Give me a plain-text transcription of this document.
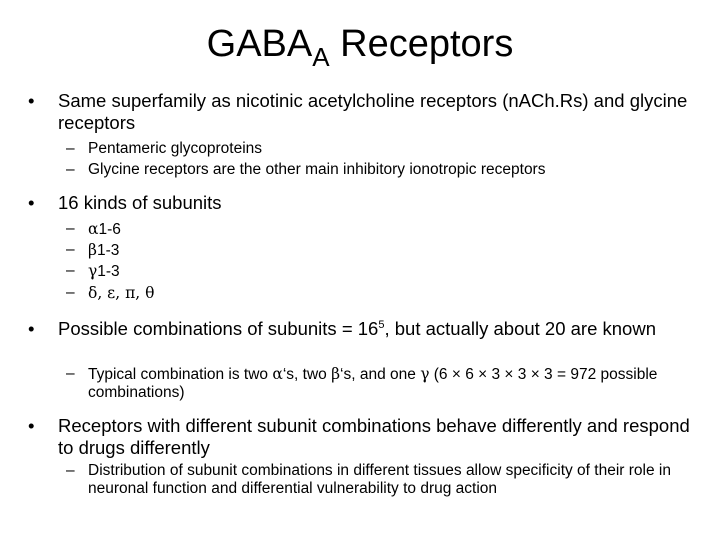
$GABA_A$ Receptors
• Same superfamily as nicotinic acetylcholine receptors (nACh.Rs) and glycine receptors
– Pentameric glycoproteins
– Glycine receptors are the other main inhibitory ionotropic receptors
• 16 kinds of subunits
– α1-6
– β1-3
– γ1-3
– δ, ε, π, θ
• Possible combinations of subunits = $16^5$, but actually about 20 are known
– Typical combination is two α‘s, two β‘s, and one γ (6 × 6 × 3 × 3 × 3 = 972 possible combinations)
• Receptors with different subunit combinations behave differently and respond to drugs differently
– Distribution of subunit combinations in different tissues allow specificity of their role in neuronal function and differential vulnerability to drug action
